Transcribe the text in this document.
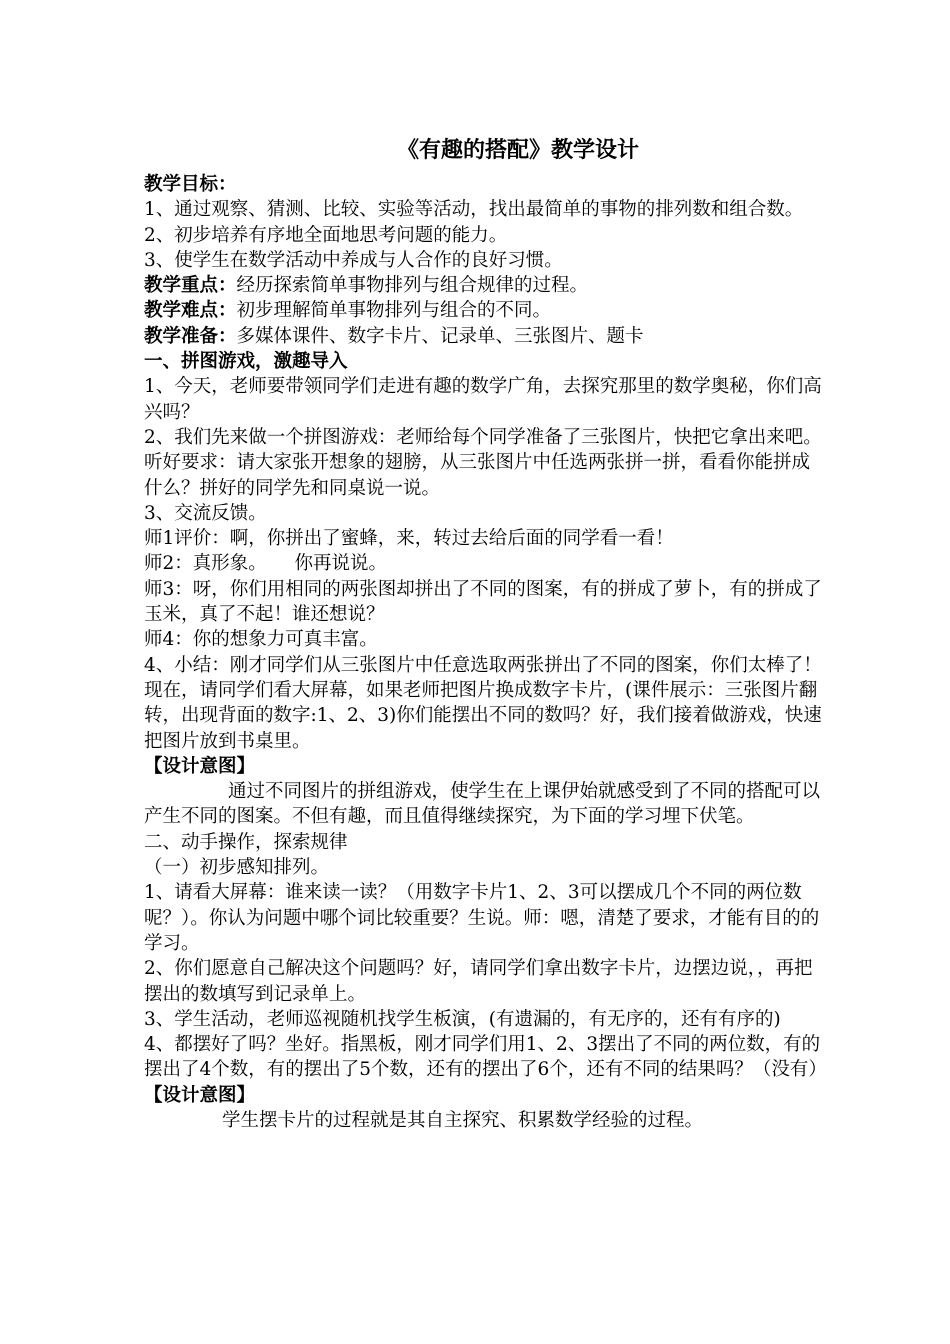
《有趣的搭配》教学设计

教学目标：

1、通过观察、猜测、比较、实验等活动，找出最简单的事物的排列数和组合数。

2、初步培养有序地全面地思考问题的能力。

3、使学生在数学活动中养成与人合作的良好习惯。

教学重点：经历探索简单事物排列与组合规律的过程。

教学难点：初步理解简单事物排列与组合的不同。

教学准备：多媒体课件、数字卡片、记录单、三张图片、题卡

一、拼图游戏，激趣导入

1、今天，老师要带领同学们走进有趣的数学广角，去探究那里的数学奥秘，你们高兴吗？

2、我们先来做一个拼图游戏：老师给每个同学准备了三张图片，快把它拿出来吧。听好要求：请大家张开想象的翅膀，从三张图片中任选两张拼一拼，看看你能拼成什么？拼好的同学先和同桌说一说。

3、交流反馈。

师1评价：啊，你拼出了蜜蜂，来，转过去给后面的同学看一看！

师2：真形象。　　你再说说。

师3：呀，你们用相同的两张图却拼出了不同的图案，有的拼成了萝卜，有的拼成了玉米，真了不起！谁还想说？

师4：你的想象力可真丰富。

4、小结：刚才同学们从三张图片中任意选取两张拼出了不同的图案，你们太棒了！现在，请同学们看大屏幕，如果老师把图片换成数字卡片，(课件展示：三张图片翻转，出现背面的数字:1、2、3)你们能摆出不同的数吗？好，我们接着做游戏，快速把图片放到书桌里。

【设计意图】

通过不同图片的拼组游戏，使学生在上课伊始就感受到了不同的搭配可以产生不同的图案。不但有趣，而且值得继续探究，为下面的学习埋下伏笔。

二、动手操作，探索规律

（一）初步感知排列。

1、请看大屏幕：谁来读一读？（用数字卡片1、2、3可以摆成几个不同的两位数呢？）。你认为问题中哪个词比较重要？生说。师：嗯，清楚了要求，才能有目的的学习。

2、你们愿意自己解决这个问题吗？好，请同学们拿出数字卡片，边摆边说，，再把摆出的数填写到记录单上。

3、学生活动，老师巡视随机找学生板演，(有遗漏的，有无序的，还有有序的)

4、都摆好了吗？坐好。指黑板，刚才同学们用1、2、3摆出了不同的两位数，有的摆出了4个数，有的摆出了5个数，还有的摆出了6个，还有不同的结果吗？（没有）

【设计意图】

学生摆卡片的过程就是其自主探究、积累数学经验的过程。
